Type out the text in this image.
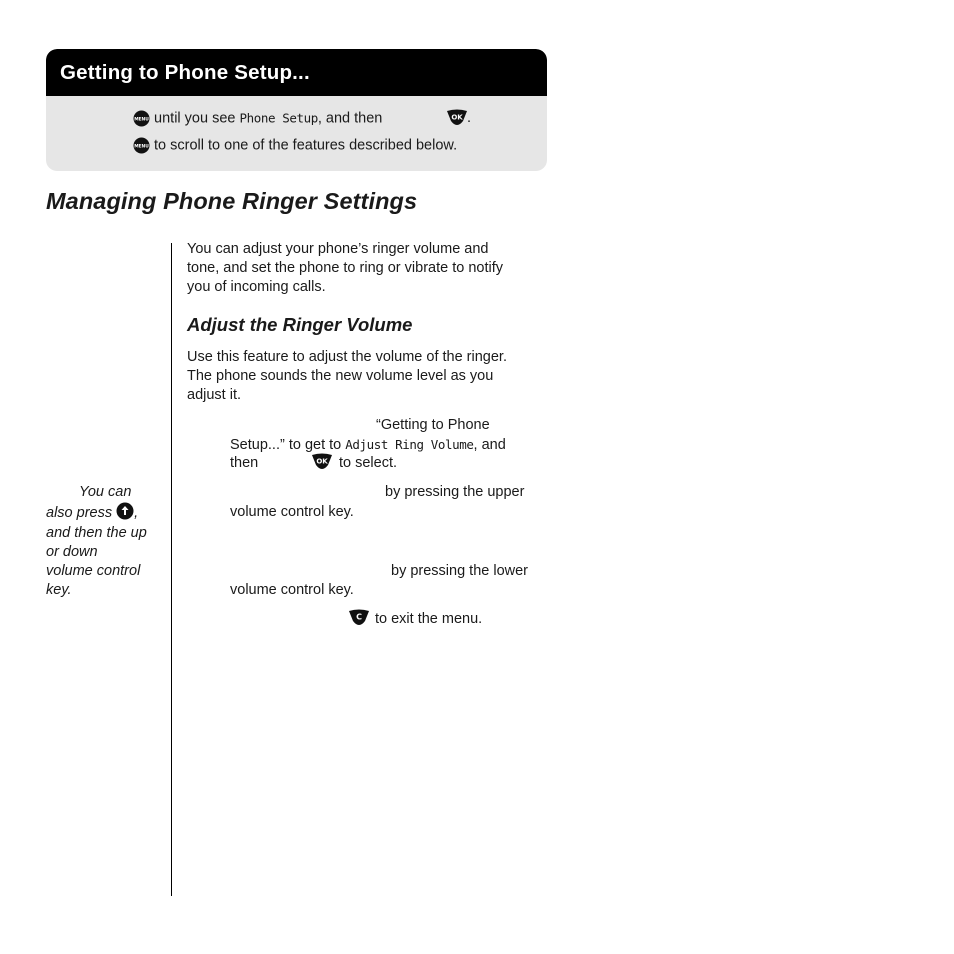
Getting to Phone Setup...
MENU until you see Phone Setup, and then	OK .
MENU to scroll to one of the features described below.
Managing Phone Ringer Settings
You can adjust your phone’s ringer volume and
tone, and set the phone to ring or vibrate to notify
you of incoming calls.
Adjust the Ringer Volume
Use this feature to adjust the volume of the ringer.
The phone sounds the new volume level as you
adjust it.
“Getting to Phone
Setup...” to get to Adjust Ring Volume, and
then	OK to select.
by pressing the upper
volume control key.
by pressing the lower
volume control key.
C to exit the menu.
You can
also press ,
and then the up
or down
volume control
key.
